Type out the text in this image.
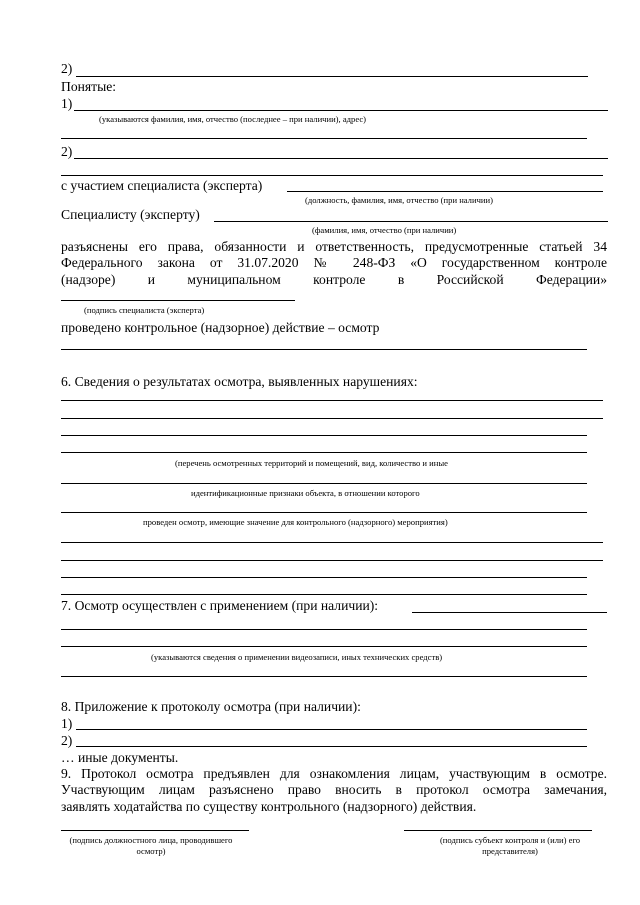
2)
Понятые:
1)
(указываются фамилия, имя, отчество (последнее – при наличии), адрес)
2)
с участием специалиста (эксперта)
(должность, фамилия, имя, отчество (при наличии)
Специалисту (эксперту)
(фамилия, имя, отчество (при наличии)
разъяснены его права, обязанности и ответственность, предусмотренные статьей 34
Федерального закона от 31.07.2020 № 248-ФЗ «О государственном контроле
(надзоре) и муниципальном контроле в Российской Федерации»
(подпись специалиста (эксперта)
проведено контрольное (надзорное) действие – осмотр
6. Сведения о результатах осмотра, выявленных нарушениях:
(перечень осмотренных территорий и помещений, вид, количество и иные
идентификационные признаки объекта, в отношении которого
проведен осмотр, имеющие значение для контрольного (надзорного) мероприятия)
7. Осмотр осуществлен с применением (при наличии):
(указываются сведения о применении видеозаписи, иных технических средств)
8. Приложение к протоколу осмотра (при наличии):
1)
2)
… иные документы.
9. Протокол осмотра предъявлен для ознакомления лицам, участвующим в осмотре.
Участвующим лицам разъяснено право вносить в протокол осмотра замечания,
заявлять ходатайства по существу контрольного (надзорного) действия.
(подпись должностного лица, проводившего осмотр)
(подпись субъект контроля и (или) его представителя)
